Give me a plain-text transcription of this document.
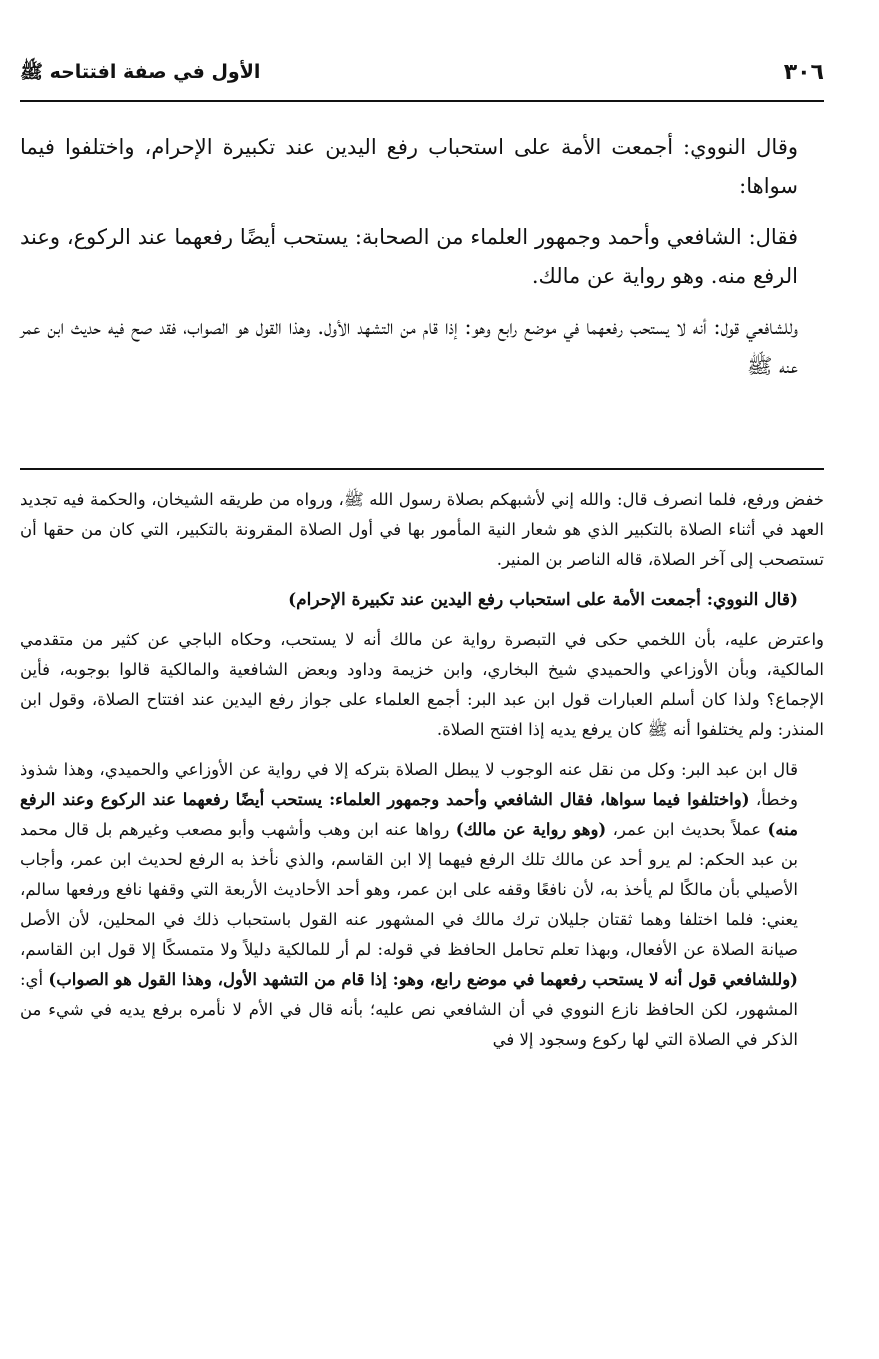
٣٠٦
الأول في صفة افتتاحه ﷺ

وقال النووي: أجمعت الأمة على استحباب رفع اليدين عند تكبيرة الإحرام، واختلفوا فيما سواها:

فقال: الشافعي وأحمد وجمهور العلماء من الصحابة: يستحب أيضًا رفعهما عند الركوع، وعند الرفع منه. وهو رواية عن مالك.

وللشافعي قول: أنه لا يستحب رفعهما في موضع رابع وهو: إذا قام من التشهد الأول. وهذا القول هو الصواب، فقد صح فيه حديث ابن عمر عنه ﷺ

خفض ورفع، فلما انصرف قال: والله إني لأشبهكم بصلاة رسول الله ﷺ، ورواه من طريقه الشيخان، والحكمة فيه تجديد العهد في أثناء الصلاة بالتكبير الذي هو شعار النية المأمور بها في أول الصلاة المقرونة بالتكبير، التي كان من حقها أن تستصحب إلى آخر الصلاة، قاله الناصر بن المنير.

(قال النووي: أجمعت الأمة على استحباب رفع اليدين عند تكبيرة الإحرام)

واعترض عليه، بأن اللخمي حكى في التبصرة رواية عن مالك أنه لا يستحب، وحكاه الباجي عن كثير من متقدمي المالكية، وبأن الأوزاعي والحميدي شيخ البخاري، وابن خزيمة وداود وبعض الشافعية والمالكية قالوا بوجوبه، فأين الإجماع؟ ولذا كان أسلم العبارات قول ابن عبد البر: أجمع العلماء على جواز رفع اليدين عند افتتاح الصلاة، وقول ابن المنذر: ولم يختلفوا أنه ﷺ كان يرفع يديه إذا افتتح الصلاة.

قال ابن عبد البر: وكل من نقل عنه الوجوب لا يبطل الصلاة بتركه إلا في رواية عن الأوزاعي والحميدي، وهذا شذوذ وخطأ، (واختلفوا فيما سواها، فقال الشافعي وأحمد وجمهور العلماء: يستحب أيضًا رفعهما عند الركوع وعند الرفع منه) عملاً بحديث ابن عمر، (وهو رواية عن مالك) رواها عنه ابن وهب وأشهب وأبو مصعب وغيرهم بل قال محمد بن عبد الحكم: لم يرو أحد عن مالك تلك الرفع فيهما إلا ابن القاسم، والذي نأخذ به الرفع لحديث ابن عمر، وأجاب الأصيلي بأن مالكًا لم يأخذ به، لأن نافعًا وقفه على ابن عمر، وهو أحد الأحاديث الأربعة التي وقفها نافع ورفعها سالم، يعني: فلما اختلفا وهما ثقتان جليلان ترك مالك في المشهور عنه القول باستحباب ذلك في المحلين، لأن الأصل صيانة الصلاة عن الأفعال، وبهذا تعلم تحامل الحافظ في قوله: لم أر للمالكية دليلاً ولا متمسكًا إلا قول ابن القاسم، (وللشافعي قول أنه لا يستحب رفعهما في موضع رابع، وهو: إذا قام من التشهد الأول، وهذا القول هو الصواب) أي: المشهور، لكن الحافظ نازع النووي في أن الشافعي نص عليه؛ بأنه قال في الأم لا نأمره برفع يديه في شيء من الذكر في الصلاة التي لها ركوع وسجود إلا في
